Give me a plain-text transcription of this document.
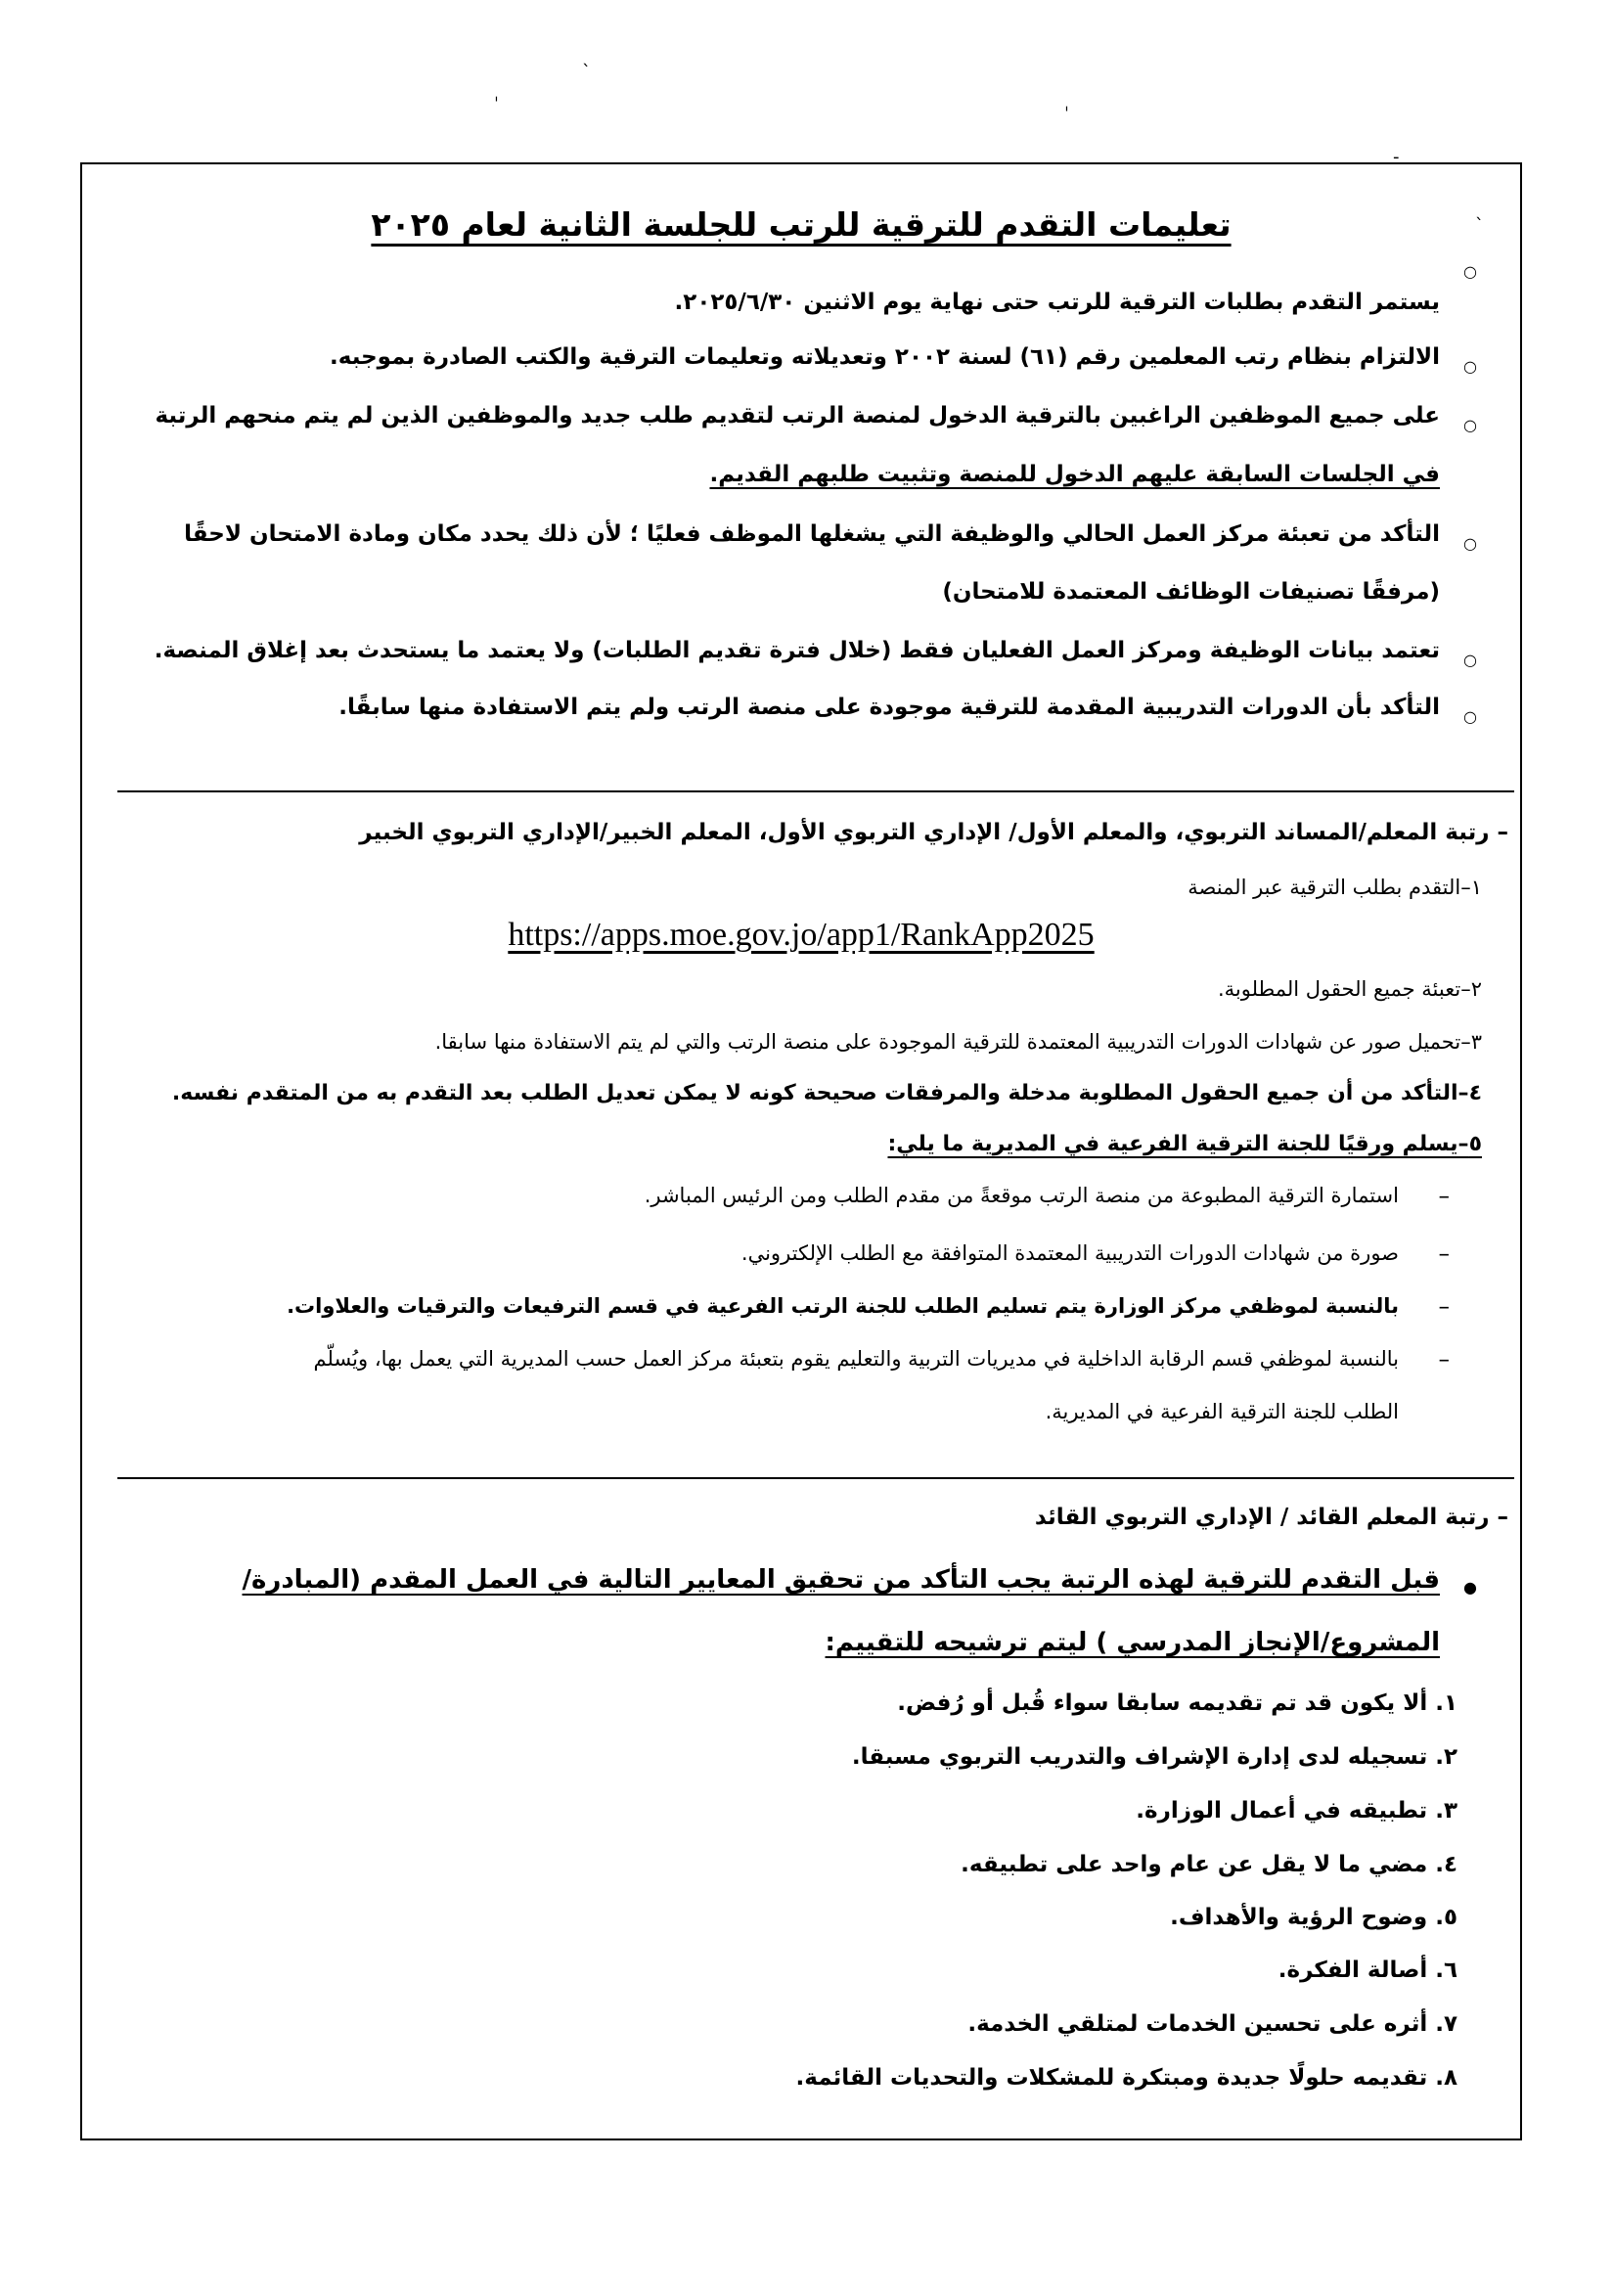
ˎ
ˌ	ˌ
-
ˎ
تعليمات التقدم للترقية للرتب للجلسة الثانية لعام ٢٠٢٥
○
يستمر التقدم بطلبات الترقية للرتب حتى نهاية يوم الاثنين ٢٠٢٥/٦/٣٠.
○
الالتزام بنظام رتب المعلمين رقم (٦١) لسنة ٢٠٠٢ وتعديلاته وتعليمات الترقية والكتب الصادرة بموجبه.
○
على جميع الموظفين الراغبين بالترقية الدخول لمنصة الرتب لتقديم طلب جديد والموظفين الذين لم يتم منحهم الرتبة
في الجلسات السابقة عليهم الدخول للمنصة وتثبيت طلبهم القديم.
○
التأكد من تعبئة مركز العمل الحالي والوظيفة التي يشغلها الموظف فعليًا ؛ لأن ذلك يحدد مكان ومادة الامتحان لاحقًا
(مرفقًا تصنيفات الوظائف المعتمدة للامتحان)
○
تعتمد بيانات الوظيفة ومركز العمل الفعليان فقط (خلال فترة تقديم الطلبات) ولا يعتمد ما يستحدث بعد إغلاق المنصة.
○
التأكد بأن الدورات التدريبية المقدمة للترقية موجودة على منصة الرتب ولم يتم الاستفادة منها سابقًا.
– رتبة المعلم/المساند التربوي، والمعلم الأول/ الإداري التربوي الأول، المعلم الخبير/الإداري التربوي الخبير
١–التقدم بطلب الترقية عبر المنصة
https://apps.moe.gov.jo/app1/RankApp2025
٢–تعبئة جميع الحقول المطلوبة.
٣–تحميل صور عن شهادات الدورات التدريبية المعتمدة للترقية الموجودة على منصة الرتب والتي لم يتم الاستفادة منها سابقا.
٤–التأكد من أن جميع الحقول المطلوبة مدخلة والمرفقات صحيحة كونه لا يمكن تعديل الطلب بعد التقدم به من المتقدم نفسه.
٥–يسلم ورقيًا للجنة الترقية الفرعية في المديرية ما يلي:
–
استمارة الترقية المطبوعة من منصة الرتب موقعةً من مقدم الطلب ومن الرئيس المباشر.
–
صورة من شهادات الدورات التدريبية المعتمدة المتوافقة مع الطلب الإلكتروني.
–
بالنسبة لموظفي مركز الوزارة يتم تسليم الطلب للجنة الرتب الفرعية في قسم الترفيعات والترقيات والعلاوات.
–
بالنسبة لموظفي قسم الرقابة الداخلية في مديريات التربية والتعليم يقوم بتعبئة مركز العمل حسب المديرية التي يعمل بها، ويُسلّم
الطلب للجنة الترقية الفرعية في المديرية.
– رتبة المعلم القائد / الإداري التربوي القائد
●
قبل التقدم للترقية لهذه الرتبة يجب التأكد من تحقيق المعايير التالية في العمل المقدم (المبادرة/
المشروع/الإنجاز المدرسي ) ليتم ترشيحه للتقييم:
١. ألا يكون قد تم تقديمه سابقا سواء قُبل أو رُفض.
٢. تسجيله لدى إدارة الإشراف والتدريب التربوي مسبقا.
٣. تطبيقه في أعمال الوزارة.
٤. مضي ما لا يقل عن عام واحد على تطبيقه.
٥. وضوح الرؤية والأهداف.
٦. أصالة الفكرة.
٧. أثره على تحسين الخدمات لمتلقي الخدمة.
٨. تقديمه حلولًا جديدة ومبتكرة للمشكلات والتحديات القائمة.
